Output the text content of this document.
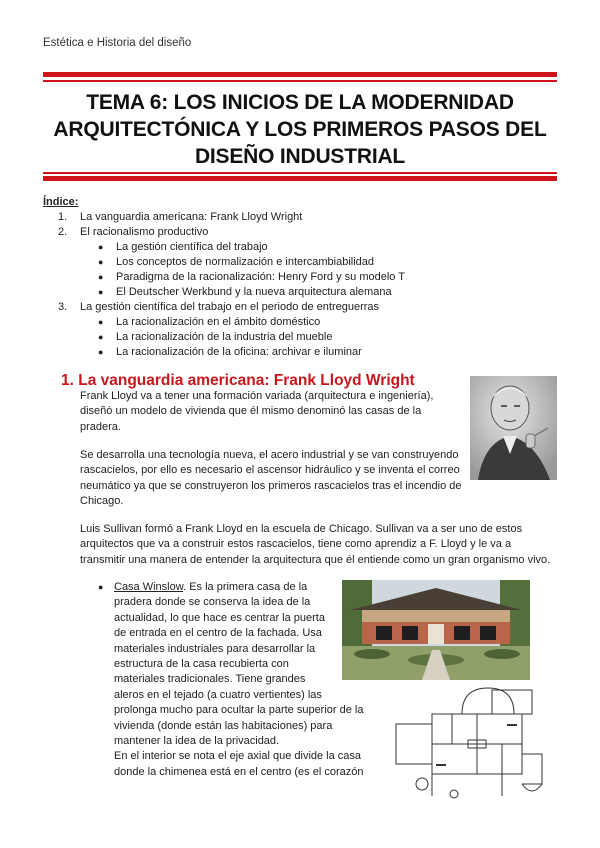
Estética e Historia del diseño
TEMA 6: LOS INICIOS DE LA MODERNIDAD
ARQUITECTÓNICA Y LOS PRIMEROS PASOS DEL
DISEÑO INDUSTRIAL
Índice:
1. La vanguardia americana: Frank Lloyd Wright
2. El racionalismo productivo
● La gestión científica del trabajo
● Los conceptos de normalización e intercambiabilidad
● Paradigma de la racionalización: Henry Ford y su modelo T
● El Deutscher Werkbund y la nueva arquitectura alemana
3. La gestión científica del trabajo en el periodo de entreguerras
● La racionalización en el ámbito doméstico
● La racionalización de la industria del mueble
● La racionalización de la oficina: archivar e iluminar
1. La vanguardia americana: Frank Lloyd Wright
Frank Lloyd va a tener una formación variada (arquitectura e ingeniería),
diseñó un modelo de vivienda que él mismo denominó las casas de la
pradera.
Se desarrolla una tecnología nueva, el acero industrial y se van construyendo
rascacielos, por ello es necesario el ascensor hidráulico y se inventa el correo
neumático ya que se construyeron los primeros rascacielos tras el incendio de
Chicago.
Luis Sullivan formó a Frank Lloyd en la escuela de Chicago. Sullivan va a ser uno de estos
arquitectos que va a construir estos rascacielos, tiene como aprendiz a F. Lloyd y le va a
transmitir una manera de entender la arquitectura que él entiende como un gran organismo vivo.
● Casa Winslow. Es la primera casa de la
pradera donde se conserva la idea de la
actualidad, lo que hace es centrar la puerta
de entrada en el centro de la fachada. Usa
materiales industriales para desarrollar la
estructura de la casa recubierta con
materiales tradicionales. Tiene grandes
aleros en el tejado (a cuatro vertientes) las
prolonga mucho para ocultar la parte superior de la
vivienda (donde están las habitaciones) para
mantener la idea de la privacidad.
En el interior se nota el eje axial que divide la casa
donde la chimenea está en el centro (es el corazón
